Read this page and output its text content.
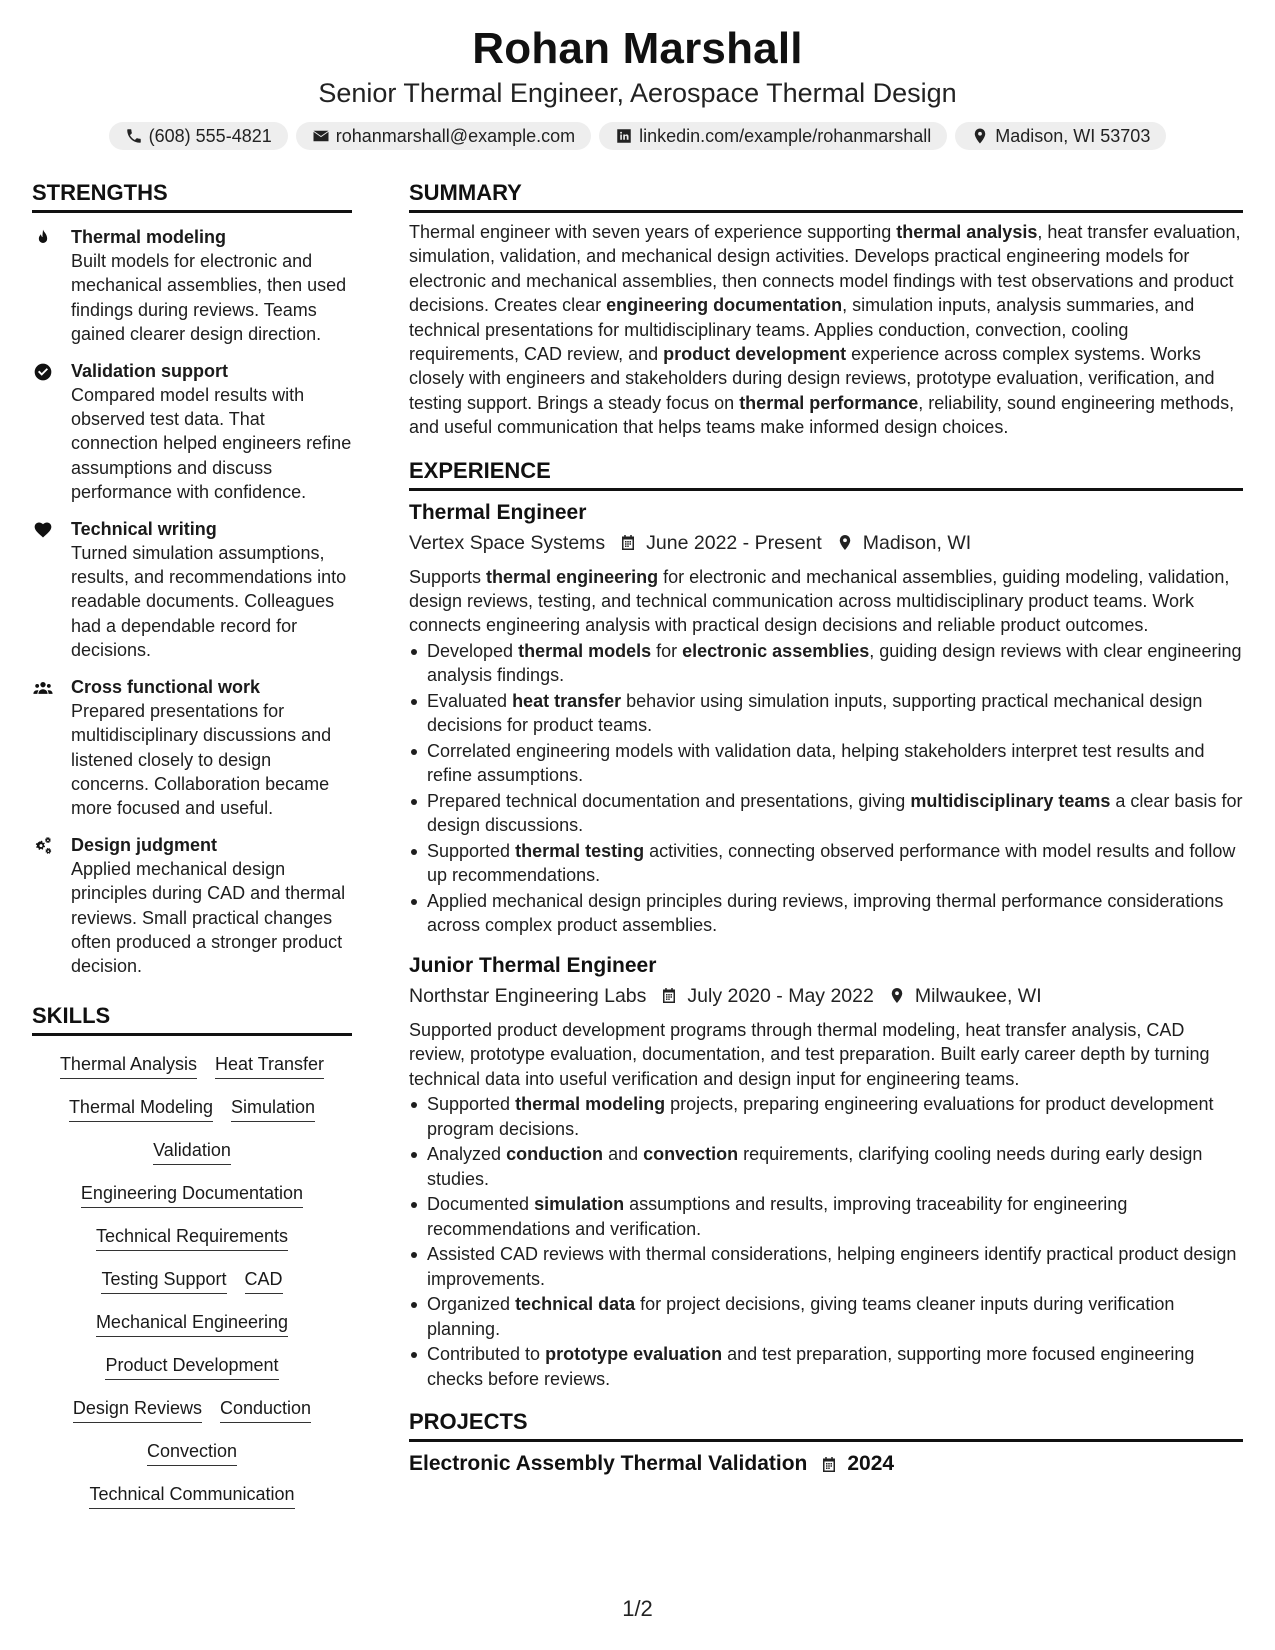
Rohan Marshall
Senior Thermal Engineer, Aerospace Thermal Design
(608) 555-4821	rohanmarshall@example.com	linkedin.com/example/rohanmarshall	Madison, WI 53703
STRENGTHS
Thermal modeling
Built models for electronic and mechanical assemblies, then used findings during reviews. Teams gained clearer design direction.
Validation support
Compared model results with observed test data. That connection helped engineers refine assumptions and discuss performance with confidence.
Technical writing
Turned simulation assumptions, results, and recommendations into readable documents. Colleagues had a dependable record for decisions.
Cross functional work
Prepared presentations for multidisciplinary discussions and listened closely to design concerns. Collaboration became more focused and useful.
Design judgment
Applied mechanical design principles during CAD and thermal reviews. Small practical changes often produced a stronger product decision.
SKILLS
Thermal Analysis Heat Transfer
Thermal Modeling Simulation
Validation
Engineering Documentation
Technical Requirements
Testing Support CAD
Mechanical Engineering
Product Development
Design Reviews Conduction
Convection
Technical Communication
SUMMARY
Thermal engineer with seven years of experience supporting thermal analysis, heat transfer evaluation, simulation, validation, and mechanical design activities. Develops practical engineering models for electronic and mechanical assemblies, then connects model findings with test observations and product decisions. Creates clear engineering documentation, simulation inputs, analysis summaries, and technical presentations for multidisciplinary teams. Applies conduction, convection, cooling requirements, CAD review, and product development experience across complex systems. Works closely with engineers and stakeholders during design reviews, prototype evaluation, verification, and testing support. Brings a steady focus on thermal performance, reliability, sound engineering methods, and useful communication that helps teams make informed design choices.
EXPERIENCE
Thermal Engineer
Vertex Space Systems June 2022 - Present Madison, WI
Supports thermal engineering for electronic and mechanical assemblies, guiding modeling, validation, design reviews, testing, and technical communication across multidisciplinary product teams. Work connects engineering analysis with practical design decisions and reliable product outcomes.
Developed thermal models for electronic assemblies, guiding design reviews with clear engineering analysis findings.
Evaluated heat transfer behavior using simulation inputs, supporting practical mechanical design decisions for product teams.
Correlated engineering models with validation data, helping stakeholders interpret test results and refine assumptions.
Prepared technical documentation and presentations, giving multidisciplinary teams a clear basis for design discussions.
Supported thermal testing activities, connecting observed performance with model results and follow up recommendations.
Applied mechanical design principles during reviews, improving thermal performance considerations across complex product assemblies.
Junior Thermal Engineer
Northstar Engineering Labs July 2020 - May 2022 Milwaukee, WI
Supported product development programs through thermal modeling, heat transfer analysis, CAD review, prototype evaluation, documentation, and test preparation. Built early career depth by turning technical data into useful verification and design input for engineering teams.
Supported thermal modeling projects, preparing engineering evaluations for product development program decisions.
Analyzed conduction and convection requirements, clarifying cooling needs during early design studies.
Documented simulation assumptions and results, improving traceability for engineering recommendations and verification.
Assisted CAD reviews with thermal considerations, helping engineers identify practical product design improvements.
Organized technical data for project decisions, giving teams cleaner inputs during verification planning.
Contributed to prototype evaluation and test preparation, supporting more focused engineering checks before reviews.
PROJECTS
Electronic Assembly Thermal Validation 2024
1/2
